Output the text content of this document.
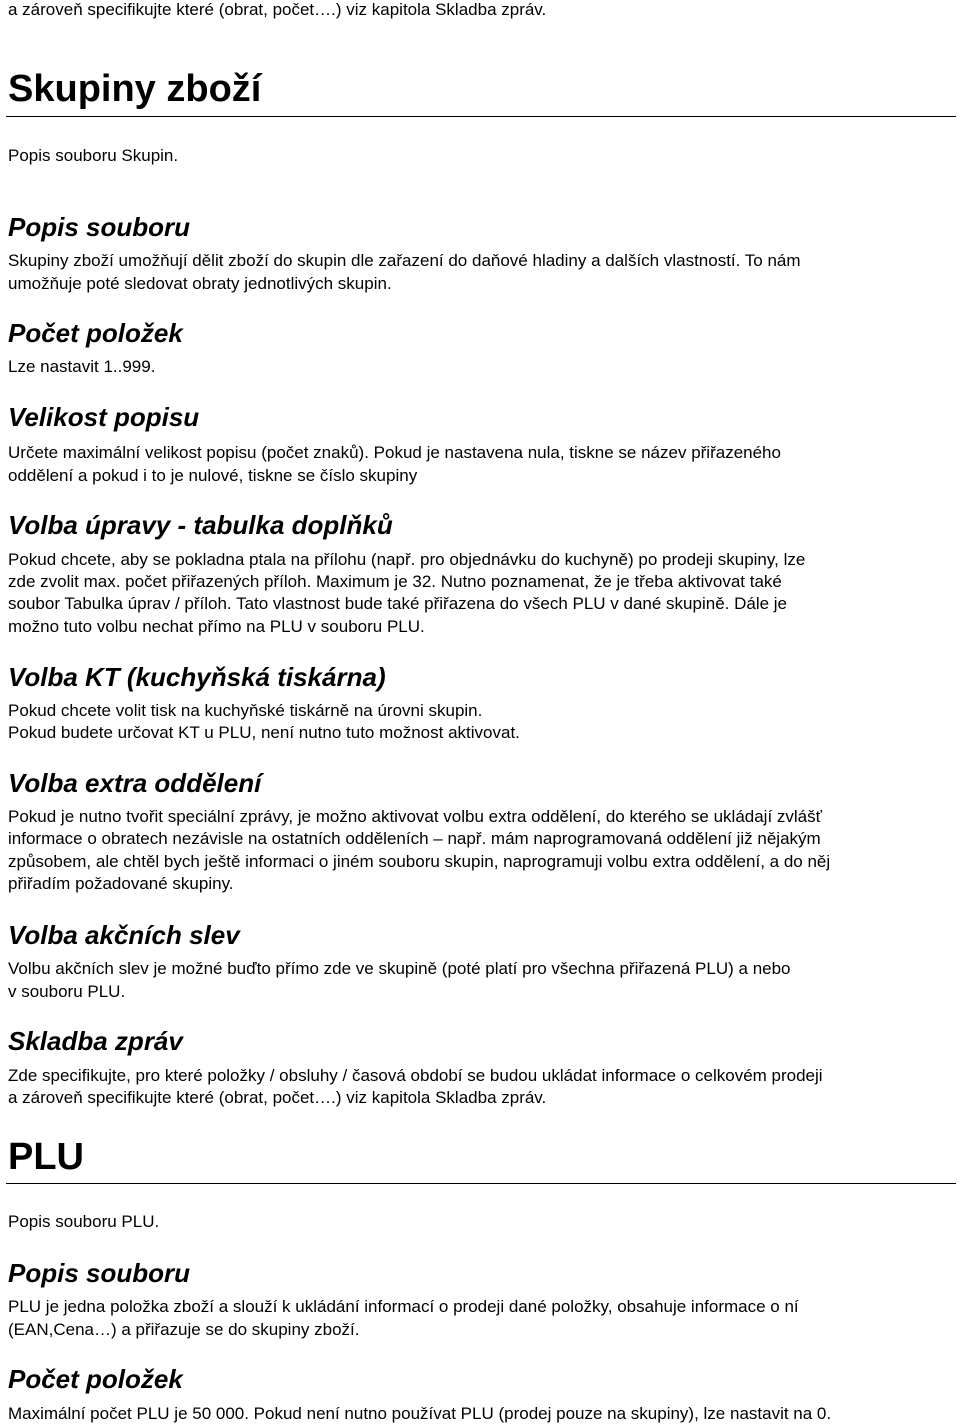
a zároveň specifikujte které (obrat, počet….) viz kapitola Skladba zpráv.
Skupiny zboží
Popis souboru Skupin.
Popis souboru
Skupiny zboží umožňují dělit zboží do skupin dle zařazení do daňové hladiny a dalších vlastností. To nám
umožňuje poté sledovat obraty jednotlivých skupin.
Počet položek
Lze nastavit 1..999.
Velikost popisu
Určete maximální velikost popisu (počet znaků). Pokud je nastavena nula, tiskne se název přiřazeného
oddělení a pokud i to je nulové, tiskne se číslo skupiny
Volba úpravy - tabulka doplňků
Pokud chcete, aby se pokladna ptala na přílohu (např. pro objednávku do kuchyně) po prodeji skupiny, lze
zde zvolit max. počet přiřazených příloh. Maximum je 32. Nutno poznamenat, že je třeba aktivovat také
soubor Tabulka úprav / příloh. Tato vlastnost bude také přiřazena do všech PLU v dané skupině. Dále je
možno tuto volbu nechat přímo na PLU v souboru PLU.
Volba KT (kuchyňská tiskárna)
Pokud chcete volit tisk na kuchyňské tiskárně na úrovni skupin.
Pokud budete určovat KT u PLU, není nutno tuto možnost aktivovat.
Volba extra oddělení
Pokud je nutno tvořit speciální zprávy, je možno aktivovat volbu extra oddělení, do kterého se ukládají zvlášť
informace o obratech nezávisle na ostatních odděleních – např. mám naprogramovaná oddělení již nějakým
způsobem, ale chtěl bych ještě informaci o jiném souboru skupin, naprogramuji volbu extra oddělení, a do něj
přiřadím požadované skupiny.
Volba akčních slev
Volbu akčních slev je možné buďto přímo zde ve skupině (poté platí pro všechna přiřazená PLU) a nebo
v souboru PLU.
Skladba zpráv
Zde specifikujte, pro které položky / obsluhy / časová období se budou ukládat informace o celkovém prodeji
a zároveň specifikujte které (obrat, počet….) viz kapitola Skladba zpráv.
PLU
Popis souboru PLU.
Popis souboru
PLU je jedna položka zboží a slouží k ukládání informací o prodeji dané položky, obsahuje informace o ní
(EAN,Cena…) a přiřazuje se do skupiny zboží.
Počet položek
Maximální počet PLU je 50 000. Pokud není nutno používat PLU (prodej pouze na skupiny), lze nastavit na 0.
